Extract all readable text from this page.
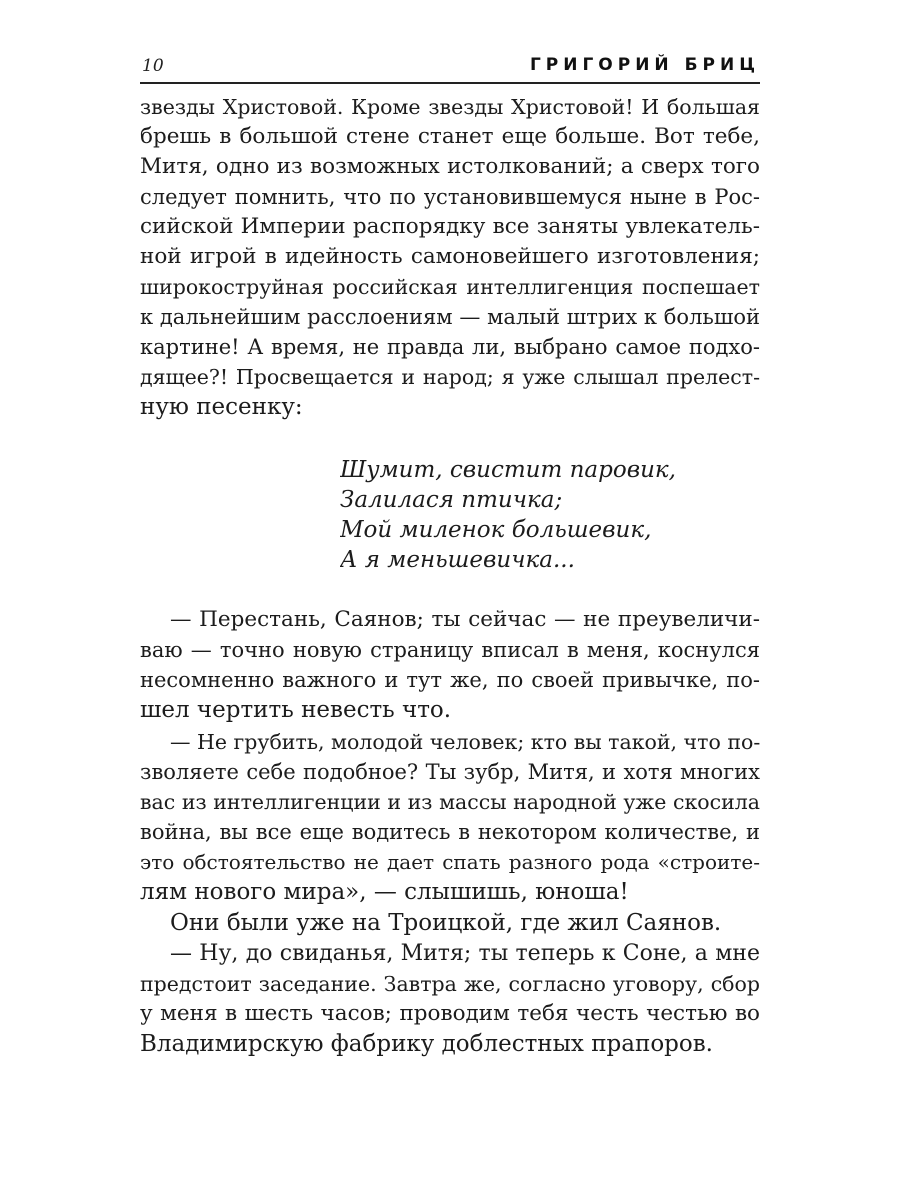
10	ГРИГОРИЙ БРИЦ
звезды Христовой. Кроме звезды Христовой! И большая
брешь в большой стене станет еще больше. Вот тебе,
Митя, одно из возможных истолкований; а сверх того
следует помнить, что по установившемуся ныне в Рос-
сийской Империи распорядку все заняты увлекатель-
ной игрой в идейность самоновейшего изготовления;
широкоструйная российская интеллигенция поспешает
к дальнейшим расслоениям — малый штрих к большой
картине! А время, не правда ли, выбрано самое подхо-
дящее?! Просвещается и народ; я уже слышал прелест-
ную песенку:
Шумит, свистит паровик,
Залилася птичка;
Мой миленок большевик,
А я меньшевичка...
— Перестань, Саянов; ты сейчас — не преувеличи-
ваю — точно новую страницу вписал в меня, коснулся
несомненно важного и тут же, по своей привычке, по-
шел чертить невесть что.
— Не грубить, молодой человек; кто вы такой, что по-
зволяете себе подобное? Ты зубр, Митя, и хотя многих
вас из интеллигенции и из массы народной уже скосила
война, вы все еще водитесь в некотором количестве, и
это обстоятельство не дает спать разного рода «строите-
лям нового мира», — слышишь, юноша!
Они были уже на Троицкой, где жил Саянов.
— Ну, до свиданья, Митя; ты теперь к Соне, а мне
предстоит заседание. Завтра же, согласно уговору, сбор
у меня в шесть часов; проводим тебя честь честью во
Владимирскую фабрику доблестных прапоров.
